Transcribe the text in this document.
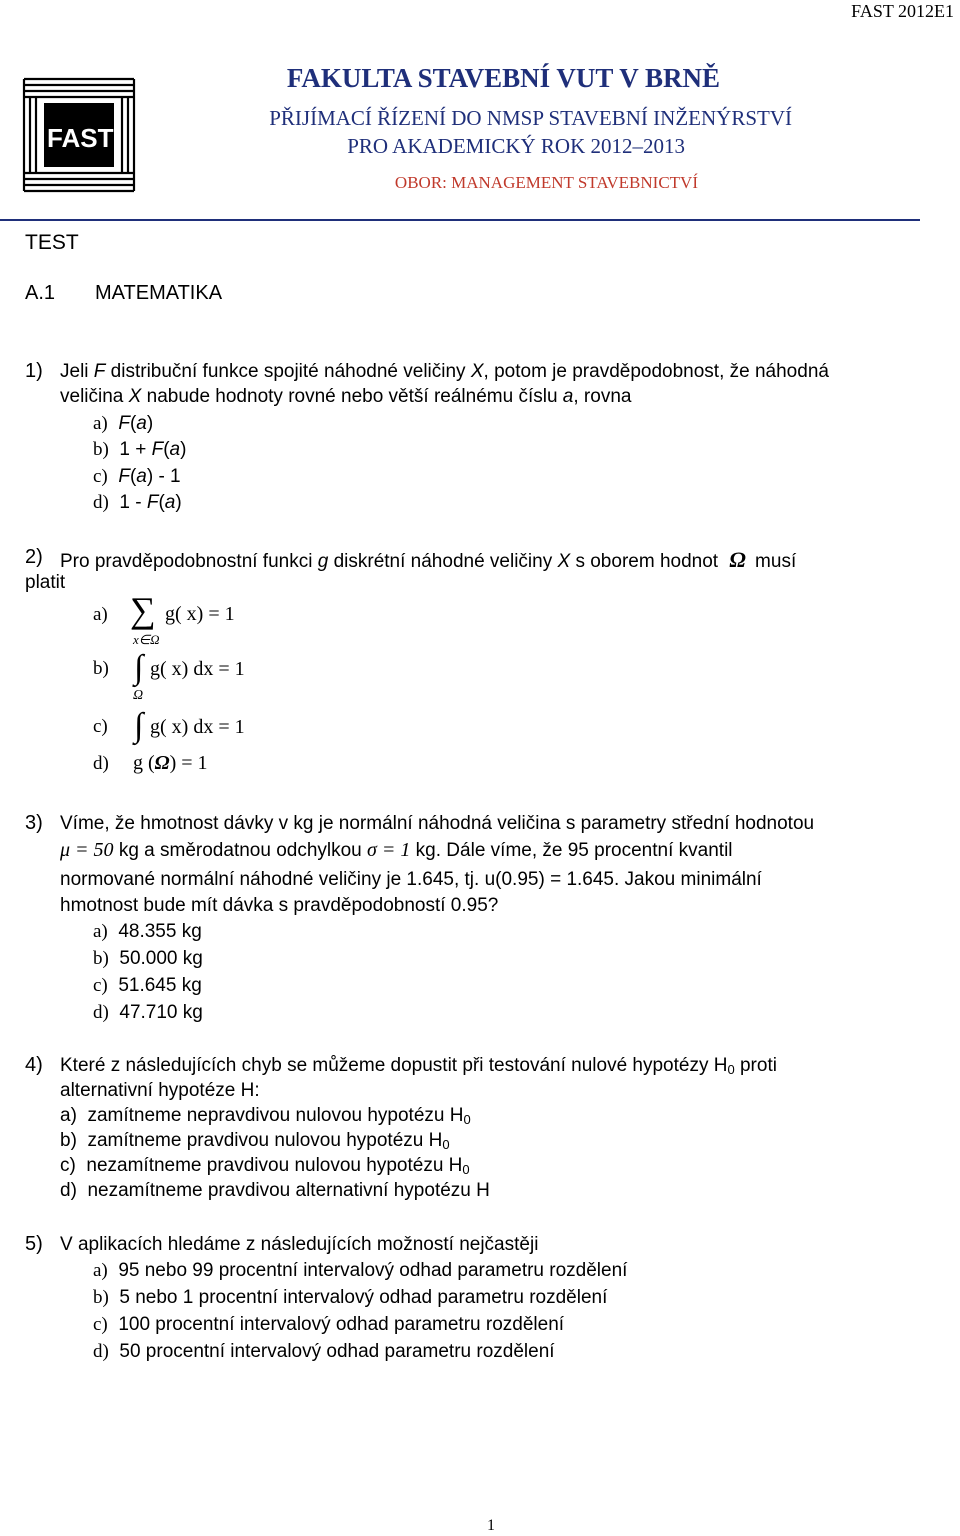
FAST 2012E1
FAST
FAKULTA STAVEBNÍ VUT V BRNĚ
PŘIJÍMACÍ ŘÍZENÍ DO NMSP STAVEBNÍ INŽENÝRSTVÍ
PRO AKADEMICKÝ ROK 2012–2013
OBOR: MANAGEMENT STAVEBNICTVÍ
TEST
A.1 MATEMATIKA
1) Jeli F distribuční funkce spojité náhodné veličiny X, potom je pravděpodobnost, že náhodná
veličina X nabude hodnoty rovné nebo větší reálnému číslu a, rovna
a) F(a)
b)  1 + F(a)
c) F(a) - 1
d)  1 - F(a)
2) Pro pravděpodobnostní funkci g diskrétní náhodné veličiny X s oborem hodnot Ω musí
platit
a) ∑ g( x) = 1
x∈Ω
b) ∫ g( x) dx = 1
Ω
c) ∫ g( x) dx = 1
d) g (Ω) = 1
3) Víme, že hmotnost dávky v kg je normální náhodná veličina s parametry střední hodnotou
μ = 50 kg a směrodatnou odchylkou σ = 1 kg. Dále víme, že 95 procentní kvantil
normované normální náhodné veličiny je 1.645, tj. u(0.95) = 1.645. Jakou minimální
hmotnost bude mít dávka s pravděpodobností 0.95?
a) 48.355 kg
b) 50.000 kg
c) 51.645 kg
d) 47.710 kg
4) Které z následujících chyb se můžeme dopustit při testování nulové hypotézy $H_0$ proti
alternativní hypotéze H:
a) zamítneme nepravdivou nulovou hypotézu $H_0$
b) zamítneme pravdivou nulovou hypotézu $H_0$
c) nezamítneme pravdivou nulovou hypotézu $H_0$
d) nezamítneme pravdivou alternativní hypotézu H
5) V aplikacích hledáme z následujících možností nejčastěji
a) 95 nebo 99 procentní intervalový odhad parametru rozdělení
b) 5 nebo 1 procentní intervalový odhad parametru rozdělení
c) 100 procentní intervalový odhad parametru rozdělení
d) 50 procentní intervalový odhad parametru rozdělení
1
